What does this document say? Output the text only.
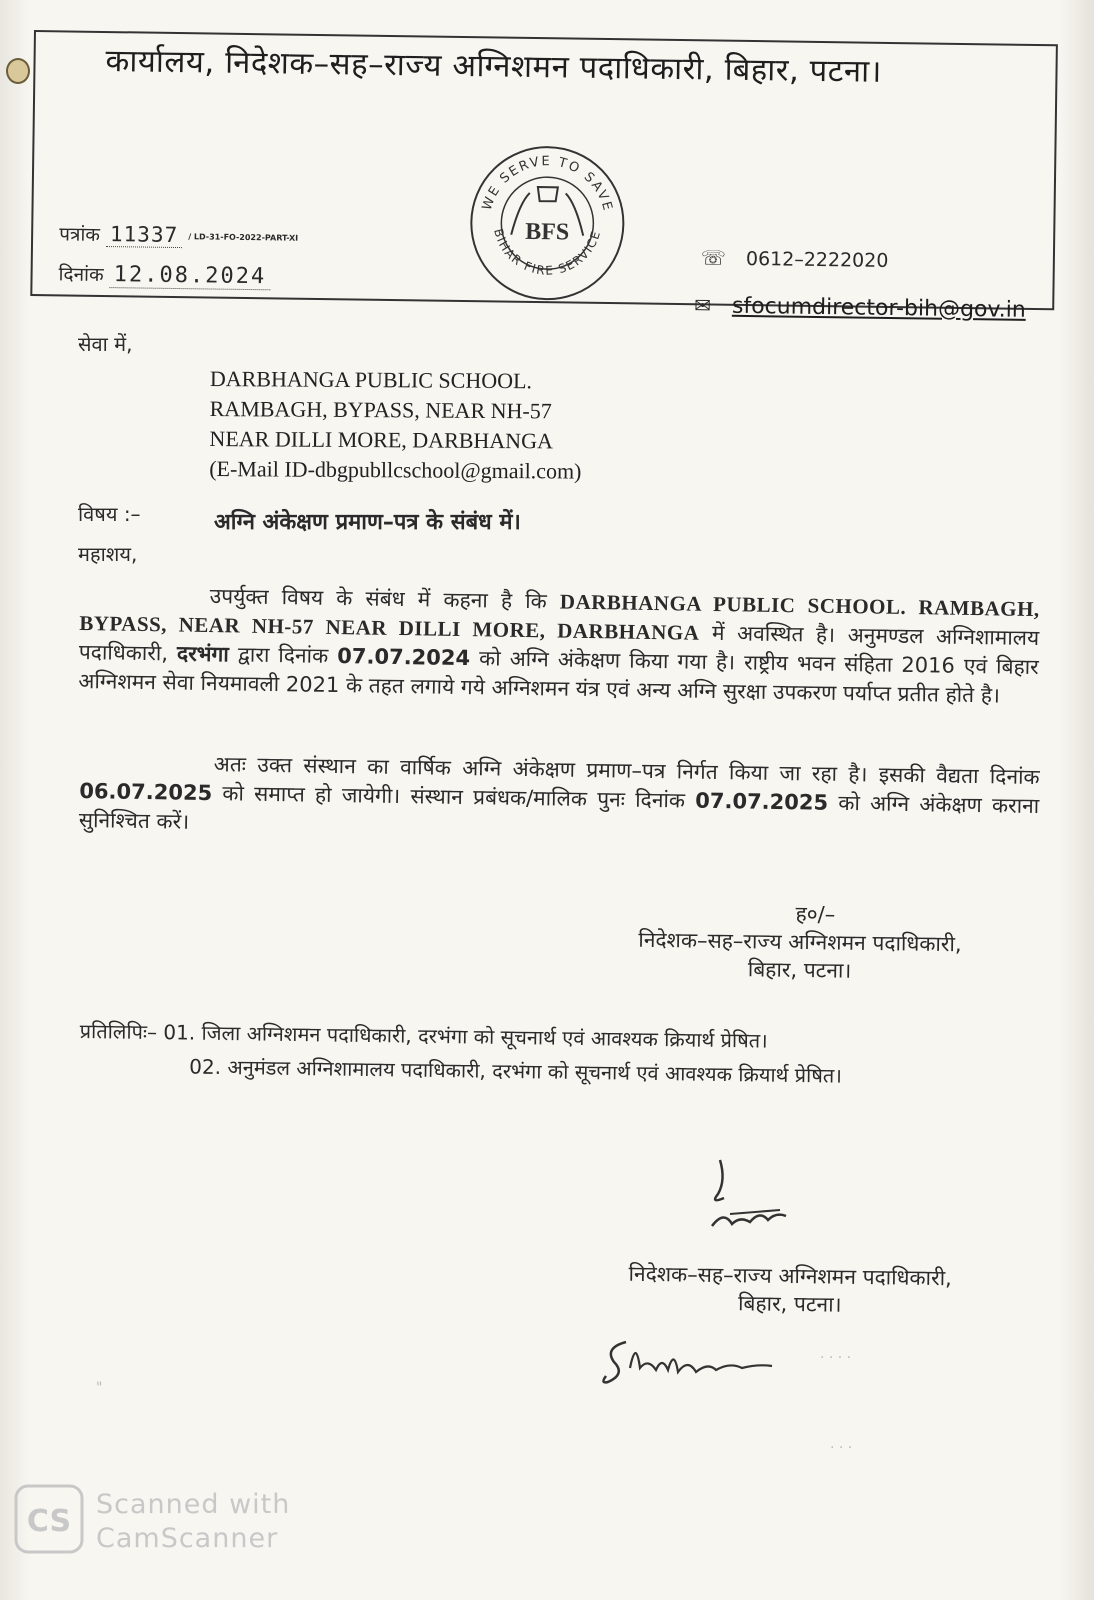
कार्यालय, निदेशक–सह–राज्य अग्निशमन पदाधिकारी, बिहार, पटना।
WE SERVE TO SAVE
BIHAR FIRE SERVICE
BFS
पत्रांक 11337 / LD-31-FO-2022-PART-XI
दिनांक 12.08.2024
☏ 0612–2222020
✉ sfocumdirector-bih@gov.in
सेवा में,
DARBHANGA PUBLIC SCHOOL.
RAMBAGH, BYPASS, NEAR NH-57
NEAR DILLI MORE, DARBHANGA
(E-Mail ID-dbgpubllcschool@gmail.com)
विषय :–	अग्नि अंकेक्षण प्रमाण–पत्र के संबंध में।
महाशय,
उपर्युक्त विषय के संबंध में कहना है कि DARBHANGA PUBLIC SCHOOL. RAMBAGH, BYPASS, NEAR NH-57 NEAR DILLI MORE, DARBHANGA में अवस्थित है। अनुमण्डल अग्निशामालय पदाधिकारी, दरभंगा द्वारा दिनांक 07.07.2024 को अग्नि अंकेक्षण किया गया है। राष्ट्रीय भवन संहिता 2016 एवं बिहार अग्निशमन सेवा नियमावली 2021 के तहत लगाये गये अग्निशमन यंत्र एवं अन्य अग्नि सुरक्षा उपकरण पर्याप्त प्रतीत होते है।
अतः उक्त संस्थान का वार्षिक अग्नि अंकेक्षण प्रमाण–पत्र निर्गत किया जा रहा है। इसकी वैद्यता दिनांक 06.07.2025 को समाप्त हो जायेगी। संस्थान प्रबंधक/मालिक पुनः दिनांक 07.07.2025 को अग्नि अंकेक्षण कराना सुनिश्चित करें।
ह०/–
निदेशक–सह–राज्य अग्निशमन पदाधिकारी,
बिहार, पटना।
प्रतिलिपिः– 01. जिला अग्निशमन पदाधिकारी, दरभंगा को सूचनार्थ एवं आवश्यक क्रियार्थ प्रेषित।
02. अनुमंडल अग्निशामालय पदाधिकारी, दरभंगा को सूचनार्थ एवं आवश्यक क्रियार्थ प्रेषित।
निदेशक–सह–राज्य अग्निशमन पदाधिकारी,
बिहार, पटना।
"
· · · ·
· · ·
CS Scanned with
CamScanner
